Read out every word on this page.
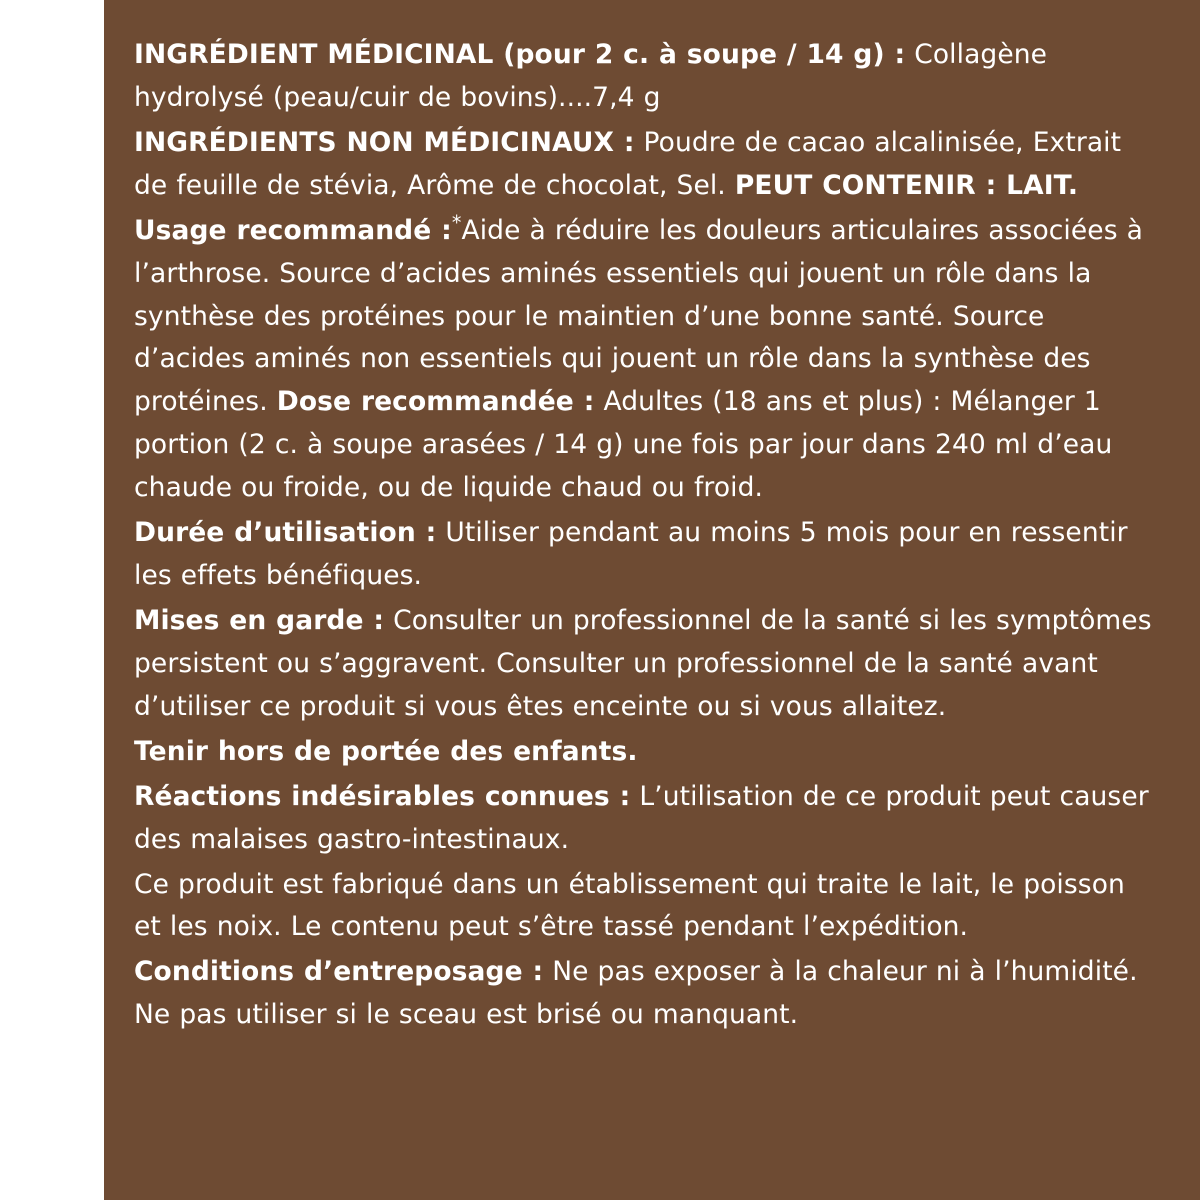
INGRÉDIENT MÉDICINAL (pour 2 c. à soupe / 14 g) : Collagène hydrolysé (peau/cuir de bovins)....7,4 g

INGRÉDIENTS NON MÉDICINAUX : Poudre de cacao alcalinisée, Extrait de feuille de stévia, Arôme de chocolat, Sel. PEUT CONTENIR : LAIT.

Usage recommandé :*Aide à réduire les douleurs articulaires associées à l’arthrose. Source d’acides aminés essentiels qui jouent un rôle dans la synthèse des protéines pour le maintien d’une bonne santé. Source d’acides aminés non essentiels qui jouent un rôle dans la synthèse des protéines. Dose recommandée : Adultes (18 ans et plus) : Mélanger 1 portion (2 c. à soupe arasées / 14 g) une fois par jour dans 240 ml d’eau chaude ou froide, ou de liquide chaud ou froid.

Durée d’utilisation : Utiliser pendant au moins 5 mois pour en ressentir les effets bénéfiques.

Mises en garde : Consulter un professionnel de la santé si les symptômes persistent ou s’aggravent. Consulter un professionnel de la santé avant d’utiliser ce produit si vous êtes enceinte ou si vous allaitez.

Tenir hors de portée des enfants.

Réactions indésirables connues : L’utilisation de ce produit peut causer des malaises gastro-intestinaux.

Ce produit est fabriqué dans un établissement qui traite le lait, le poisson et les noix. Le contenu peut s’être tassé pendant l’expédition.

Conditions d’entreposage : Ne pas exposer à la chaleur ni à l’humidité. Ne pas utiliser si le sceau est brisé ou manquant.
